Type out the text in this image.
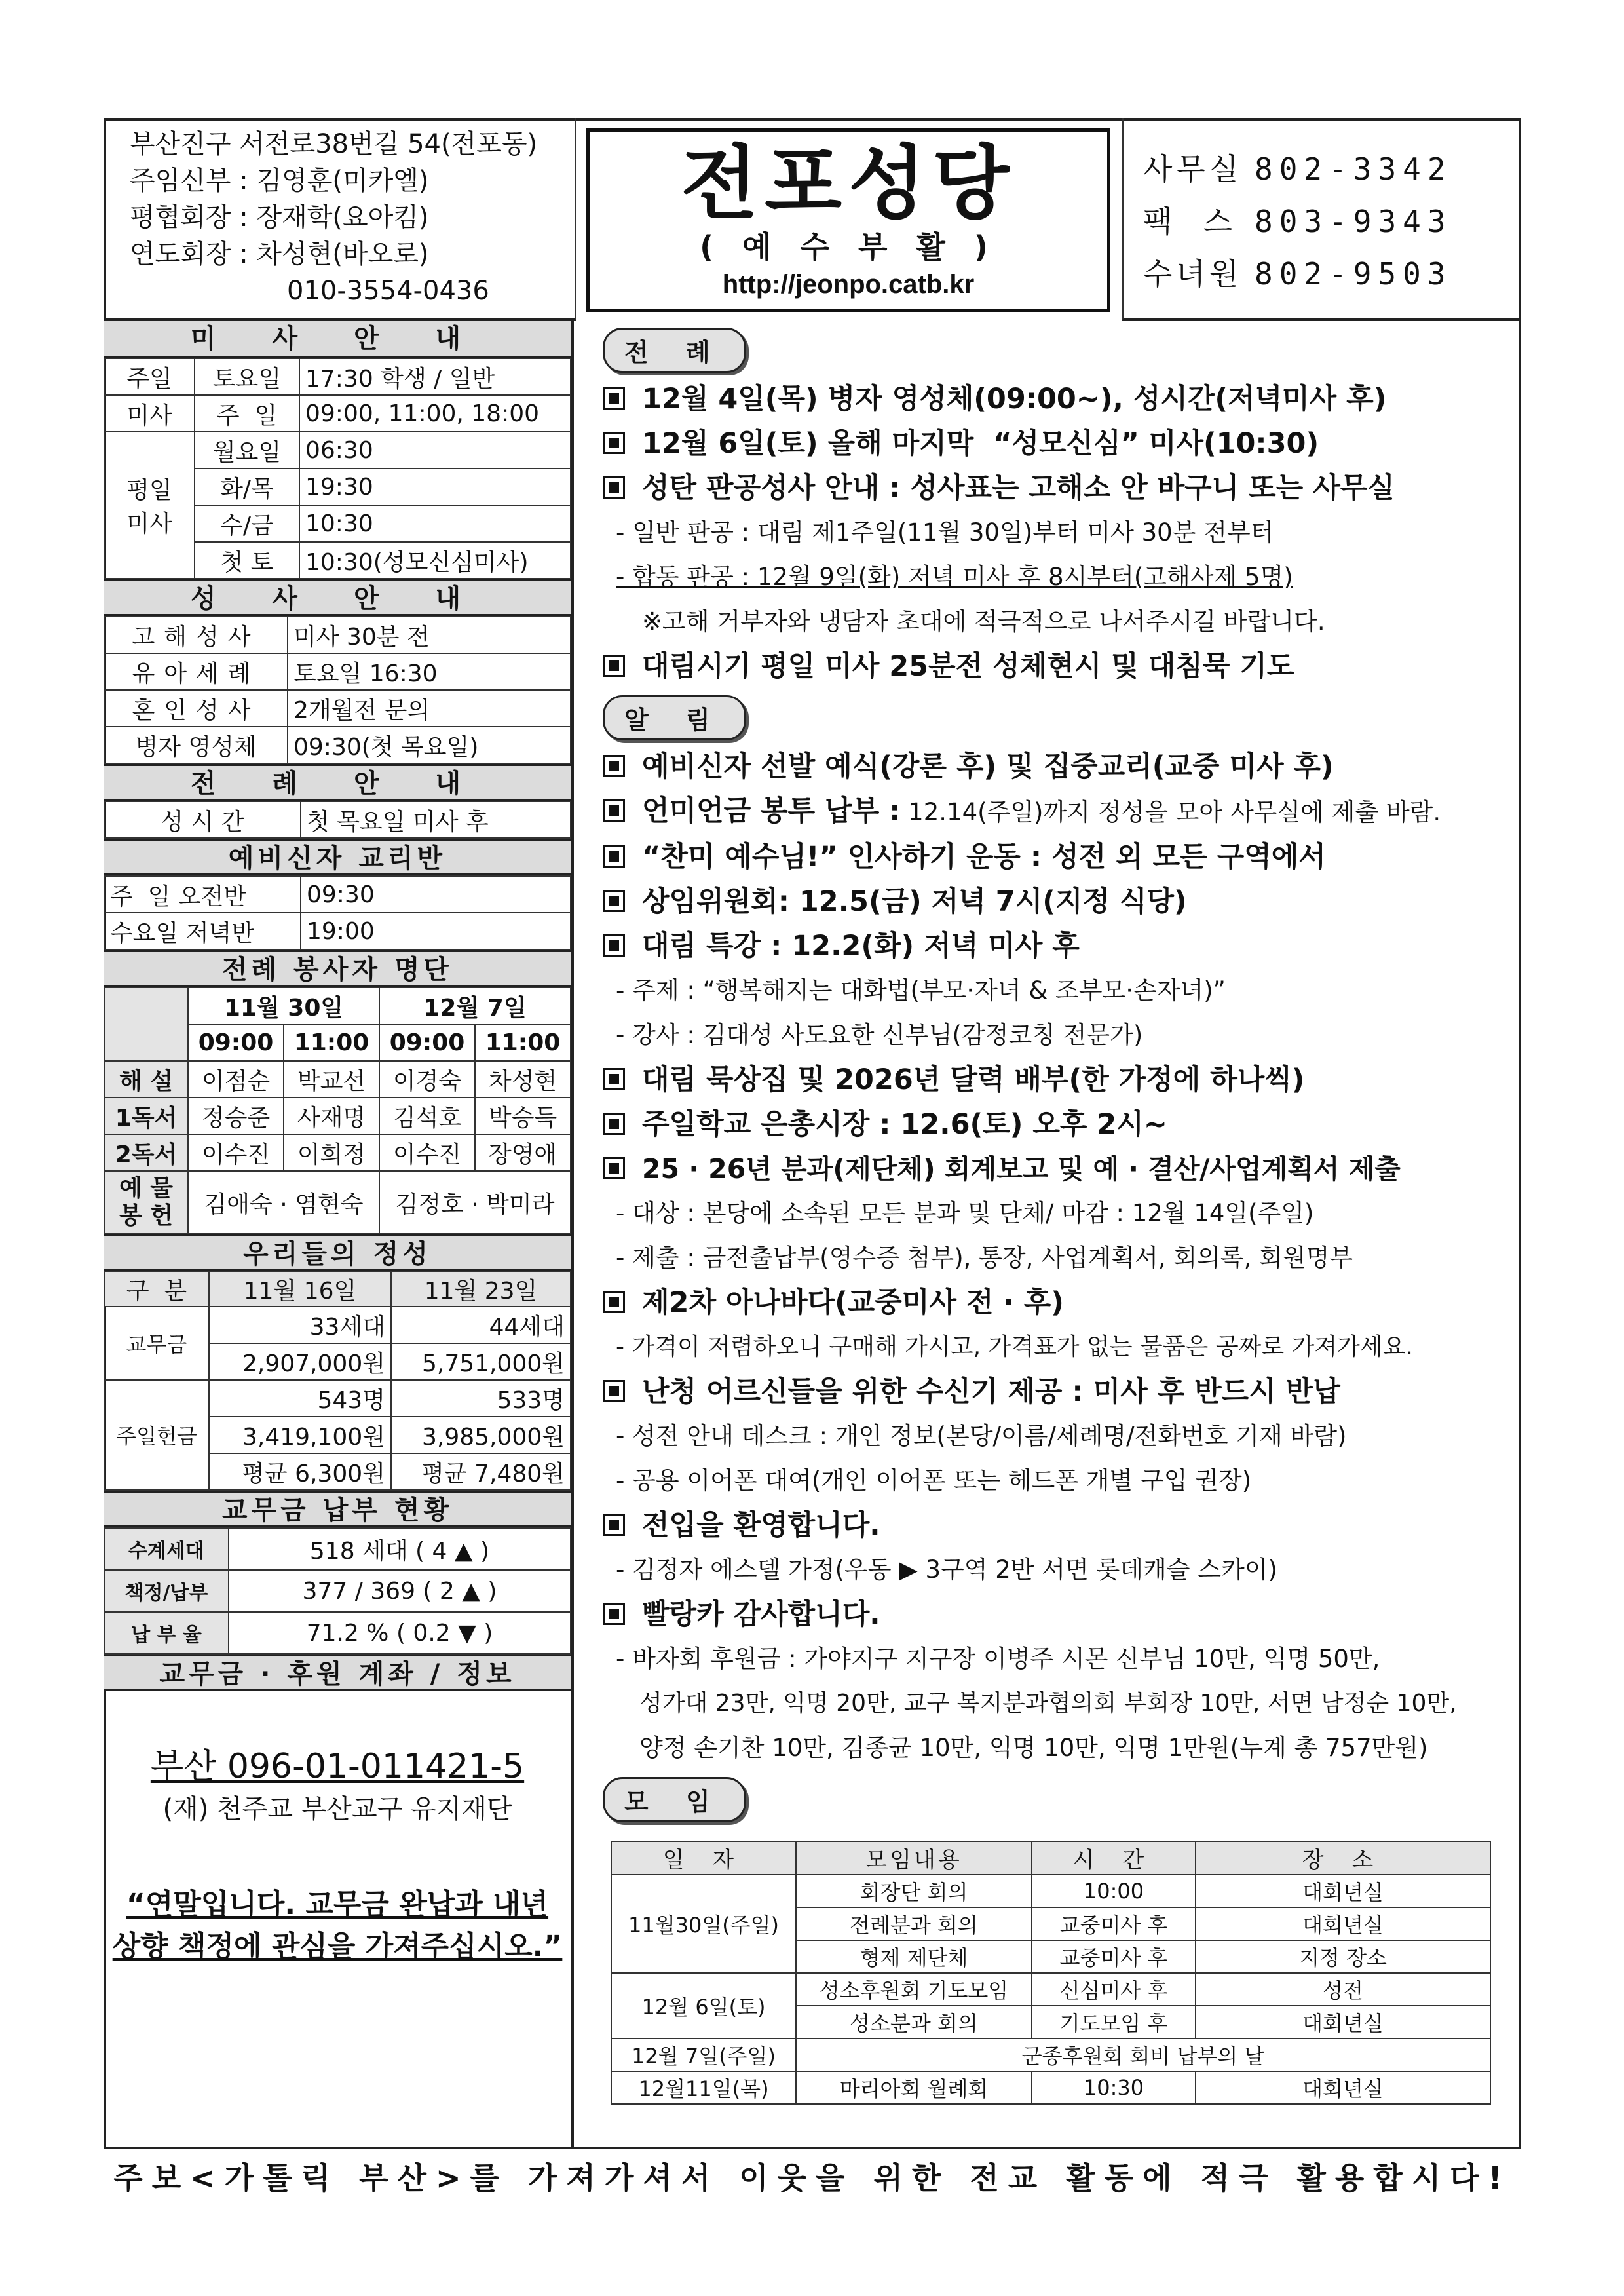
부산진구 서전로38번길 54(전포동)
주임신부 : 김영훈(미카엘)
평협회장 : 장재학(요아킴)
연도회장 : 차성현(바오로)
010-3554-0436
전포성당
( 예 수 부 활 )
http://jeonpo.catb.kr
사무실 802-3342
팩  스 803-9343
수녀원 802-9503
미 사 안 내
주일	토요일	17:30 학생 / 일반
미사	주  일	09:00, 11:00, 18:00
평일
미사	월요일	06:30
	화/목	19:30
	수/금	10:30
	첫 토	10:30(성모신심미사)
성 사 안 내
고해성사	미사 30분 전
유아세례	토요일 16:30
혼인성사	2개월전 문의
병자 영성체	09:30(첫 목요일)
전 례 안 내
성 시 간	첫 목요일 미사 후
예비신자 교리반
주  일 오전반	09:30
수요일 저녁반	19:00
전례 봉사자 명단
	11월 30일		12월 7일	
	09:00	11:00	09:00	11:00
해 설	이점순	박교선	이경숙	차성현
1독서	정승준	사재명	김석호	박승득
2독서	이수진	이희정	이수진	장영애
예 물
봉 헌	김애숙 · 염현숙		김정호 · 박미라	
우리들의 정성
구  분	11월 16일	11월 23일
교무금	33세대	44세대
	2,907,000원	5,751,000원
주일헌금	543명	533명
	3,419,100원	3,985,000원
	평균 6,300원	평균 7,480원
교무금 납부 현황
수계세대	518 세대 ( 4 ▲ )
책정/납부	377 / 369 ( 2 ▲ )
납 부 율	71.2 % ( 0.2 ▼ )
교무금 · 후원 계좌 / 정보
부산 096-01-011421-5
(재) 천주교 부산교구 유지재단
“연말입니다. 교무금 완납과 내년
상향 책정에 관심을 가져주십시오.”
전 례
12월 4일(목) 병자 영성체(09:00~), 성시간(저녁미사 후)
12월 6일(토) 올해 마지막  “성모신심” 미사(10:30)
성탄 판공성사 안내 : 성사표는 고해소 안 바구니 또는 사무실
- 일반 판공 : 대림 제1주일(11월 30일)부터 미사 30분 전부터
- 합동 판공 : 12월 9일(화) 저녁 미사 후 8시부터(고해사제 5명)
※고해 거부자와 냉담자 초대에 적극적으로 나서주시길 바랍니다.
대림시기 평일 미사 25분전 성체현시 및 대침묵 기도
알 림
예비신자 선발 예식(강론 후) 및 집중교리(교중 미사 후)
언미언금 봉투 납부 : 12.14(주일)까지 정성을 모아 사무실에 제출 바람.
“찬미 예수님!” 인사하기 운동 : 성전 외 모든 구역에서
상임위원회: 12.5(금) 저녁 7시(지정 식당)
대림 특강 : 12.2(화) 저녁 미사 후
- 주제 : “행복해지는 대화법(부모·자녀 & 조부모·손자녀)”
- 강사 : 김대성 사도요한 신부님(감정코칭 전문가)
대림 묵상집 및 2026년 달력 배부(한 가정에 하나씩)
주일학교 은총시장 : 12.6(토) 오후 2시~
25 · 26년 분과(제단체) 회계보고 및 예 · 결산/사업계획서 제출
- 대상 : 본당에 소속된 모든 분과 및 단체/ 마감 : 12월 14일(주일)
- 제출 : 금전출납부(영수증 첨부), 통장, 사업계획서, 회의록, 회원명부
제2차 아나바다(교중미사 전 · 후)
- 가격이 저렴하오니 구매해 가시고, 가격표가 없는 물품은 공짜로 가져가세요.
난청 어르신들을 위한 수신기 제공 : 미사 후 반드시 반납
- 성전 안내 데스크 : 개인 정보(본당/이름/세례명/전화번호 기재 바람)
- 공용 이어폰 대여(개인 이어폰 또는 헤드폰 개별 구입 권장)
전입을 환영합니다.
- 김정자 에스델 가정(우동 ▶ 3구역 2반 서면 롯데캐슬 스카이)
빨랑카 감사합니다.
- 바자회 후원금 : 가야지구 지구장 이병주 시몬 신부님 10만, 익명 50만,
성가대 23만, 익명 20만, 교구 복지분과협의회 부회장 10만, 서면 남정순 10만,
양정 손기찬 10만, 김종균 10만, 익명 10만, 익명 1만원(누계 총 757만원)
모 임
일 자	모임내용	시 간	장 소
11월30일(주일)	회장단 회의	10:00	대회년실
	전례분과 회의	교중미사 후	대회년실
	형제 제단체	교중미사 후	지정 장소
12월 6일(토)	성소후원회 기도모임	신심미사 후	성전
	성소분과 회의	기도모임 후	대회년실
12월 7일(주일)	군종후원회 회비 납부의 날		
12월11일(목)	마리아회 월례회	10:30	대회년실
주보<가톨릭 부산>를 가져가셔서 이웃을 위한 전교 활동에 적극 활용합시다!
